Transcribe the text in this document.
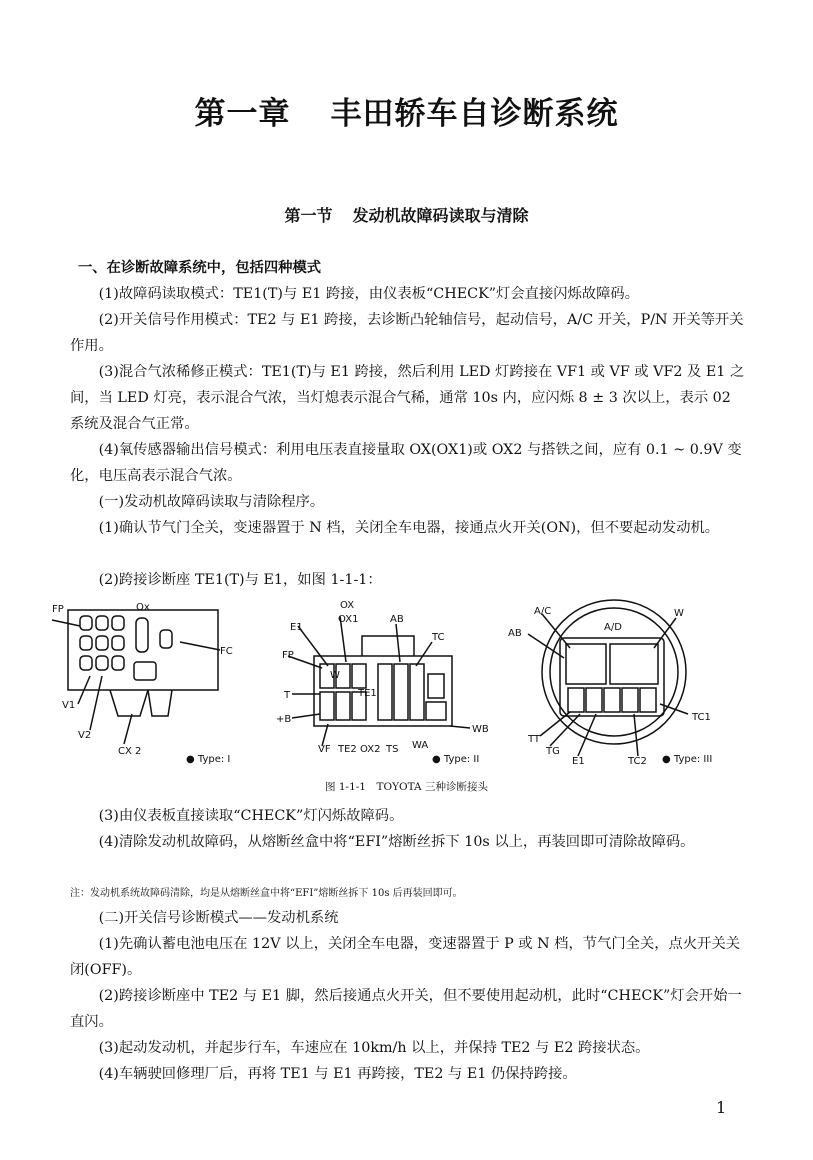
第一章 丰田轿车自诊断系统
第一节 发动机故障码读取与清除

一、在诊断故障系统中，包括四种模式

(1)故障码读取模式：TE1(T)与 E1 跨接，由仪表板“CHECK”灯会直接闪烁故障码。

(2)开关信号作用模式：TE2 与 E1 跨接，去诊断凸轮轴信号，起动信号，A/C 开关，P/N 开关等开关作用。

(3)混合气浓稀修正模式：TE1(T)与 E1 跨接，然后利用 LED 灯跨接在 VF1 或 VF 或 VF2 及 E1 之间，当 LED 灯亮，表示混合气浓，当灯熄表示混合气稀，通常 10s 内，应闪烁 8 ± 3 次以上，表示 02 系统及混合气正常。

(4)氧传感器输出信号模式：利用电压表直接量取 OX(OX1)或 OX2 与搭铁之间，应有 0.1 ~ 0.9V 变化，电压高表示混合气浓。

(一)发动机故障码读取与清除程序。

(1)确认节气门全关，变速器置于 N 档，关闭全车电器，接通点火开关(ON)，但不要起动发动机。

(2)跨接诊断座 TE1(T)与 E1，如图 1-1-1：

FP	Ox
FC
V1
V2
CX 2
● Type: I
OX
OX1
E1
AB
TC
FP
W
TE1
T
+B
VF TE2 OX2 TS WA
WB
● Type: II
A/C
A/D
W
AB
TC1
TT
TG
E1	TC2 ● Type: III
图 1-1-1　TOYOTA 三种诊断接头

(3)由仪表板直接读取“CHECK”灯闪烁故障码。

(4)清除发动机故障码，从熔断丝盒中将“EFI”熔断丝拆下 10s 以上，再装回即可清除故障码。

注：发动机系统故障码清除，均是从熔断丝盒中将“EFI”熔断丝拆下 10s 后再装回即可。

(二)开关信号诊断模式——发动机系统

(1)先确认蓄电池电压在 12V 以上，关闭全车电器，变速器置于 P 或 N 档，节气门全关，点火开关关闭(OFF)。

(2)跨接诊断座中 TE2 与 E1 脚，然后接通点火开关，但不要使用起动机，此时“CHECK”灯会开始一直闪。

(3)起动发动机，并起步行车，车速应在 10km/h 以上，并保持 TE2 与 E2 跨接状态。

(4)车辆驶回修理厂后，再将 TE1 与 E1 再跨接，TE2 与 E1 仍保持跨接。

1
